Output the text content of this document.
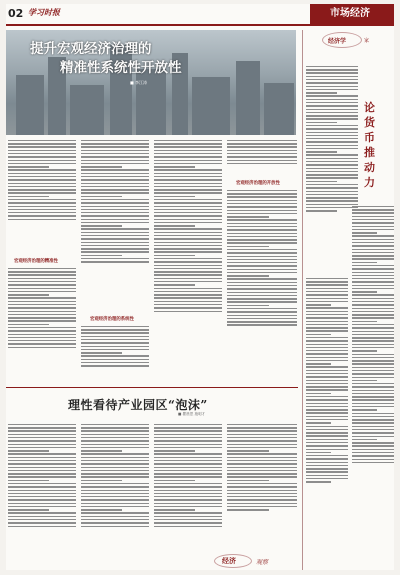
02 学习时报	市场经济
提升宏观经济治理的
精准性系统性开放性
■ 李江涛
宏观经济治理的精准性
宏观经济治理的系统性
宏观经济治理的开放性
理性看待产业园区“泡沫”
■ 瞿晨思 施明才
经济	观察
经济学	家
论货币推动力
